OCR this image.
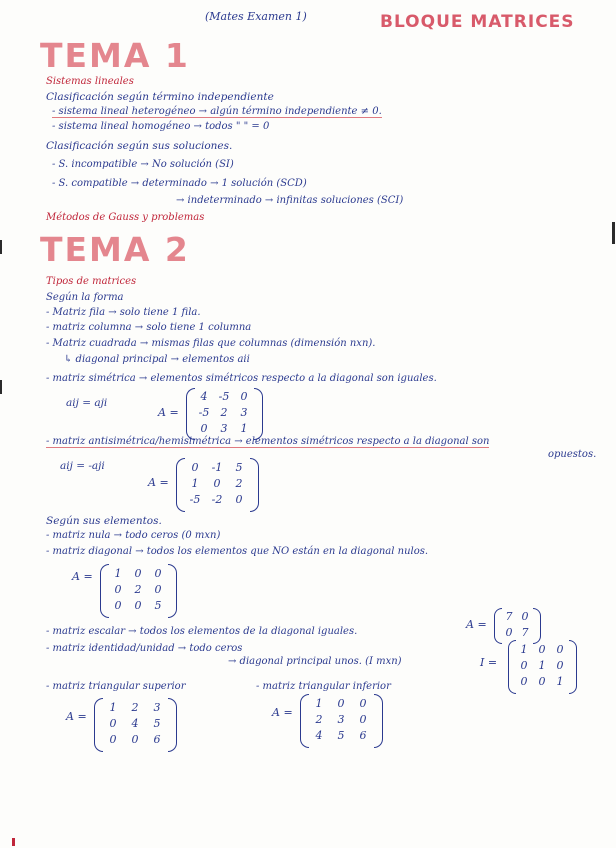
(Mates Examen 1)	BLOQUE MATRICES
TEMA 1
Sistemas lineales
Clasificación según término independiente
- sistema lineal heterogéneo → algún término independiente ≠ 0.
- sistema lineal homogéneo → todos " " = 0
Clasificación según sus soluciones.
- S. incompatible → No solución (SI)
- S. compatible → determinado → 1 solución (SCD)
→ indeterminado → infinitas soluciones (SCI)
Métodos de Gauss y problemas
TEMA 2
Tipos de matrices
Según la forma
- Matriz fila → solo tiene 1 fila.
- matriz columna → solo tiene 1 columna
- Matriz cuadrada → mismas filas que columnas (dimensión nxn).
↳ diagonal principal → elementos aii
- matriz simétrica → elementos simétricos respecto a la diagonal son iguales.
aij = aji
A =
4	-5	0
-5	2	3
0	3	1
- matriz antisimétrica/hemisimétrica → elementos simétricos respecto a la diagonal son
opuestos.
aij = -aji
A =
0	-1	5
1	0	2
-5	-2	0
Según sus elementos.
- matriz nula → todo ceros (0 mxn)
- matriz diagonal → todos los elementos que NO están en la diagonal nulos.
A =	1	0	0
0	2	0
0	0	5
- matriz escalar → todos los elementos de la diagonal iguales.
A =
7 0
0 7
- matriz identidad/unidad → todo ceros
→ diagonal principal unos. (I mxn)	I =
1	0	0
0	1	0
0	0	1
- matriz triangular superior	- matriz triangular inferior
A =
1	2	3
0	4	5
0	0	6
A =
1	0	0
2	3	0
4	5	6
